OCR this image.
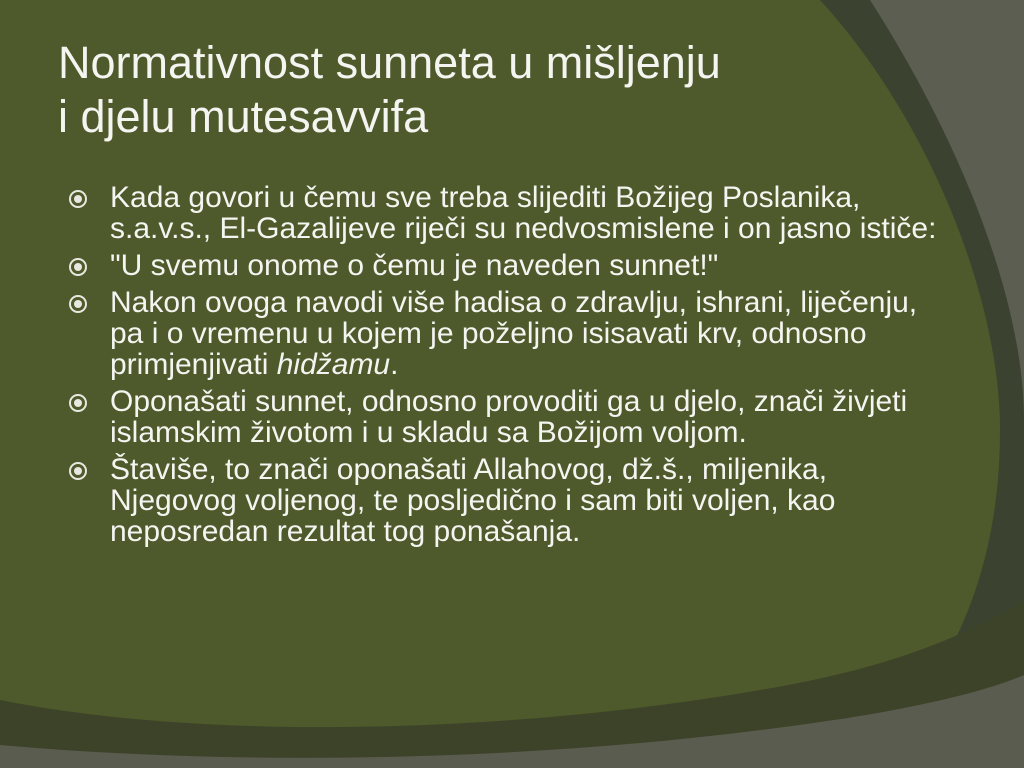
Normativnost sunneta u mišljenju
i djelu mutesavvifa
Kada govori u čemu sve treba slijediti Božijeg Poslanika, s.a.v.s., El-Gazalijeve riječi su nedvosmislene i on jasno ističe:
"U svemu onome o čemu je naveden sunnet!"
Nakon ovoga navodi više hadisa o zdravlju, ishrani, liječenju, pa i o vremenu u kojem je poželjno isisavati krv, odnosno primjenjivati hidžamu.
Oponašati sunnet, odnosno provoditi ga u djelo, znači živjeti islamskim životom i u skladu sa Božijom voljom.
Štaviše, to znači oponašati Allahovog, dž.š., miljenika, Njegovog voljenog, te posljedično i sam biti voljen, kao neposredan rezultat tog ponašanja.
